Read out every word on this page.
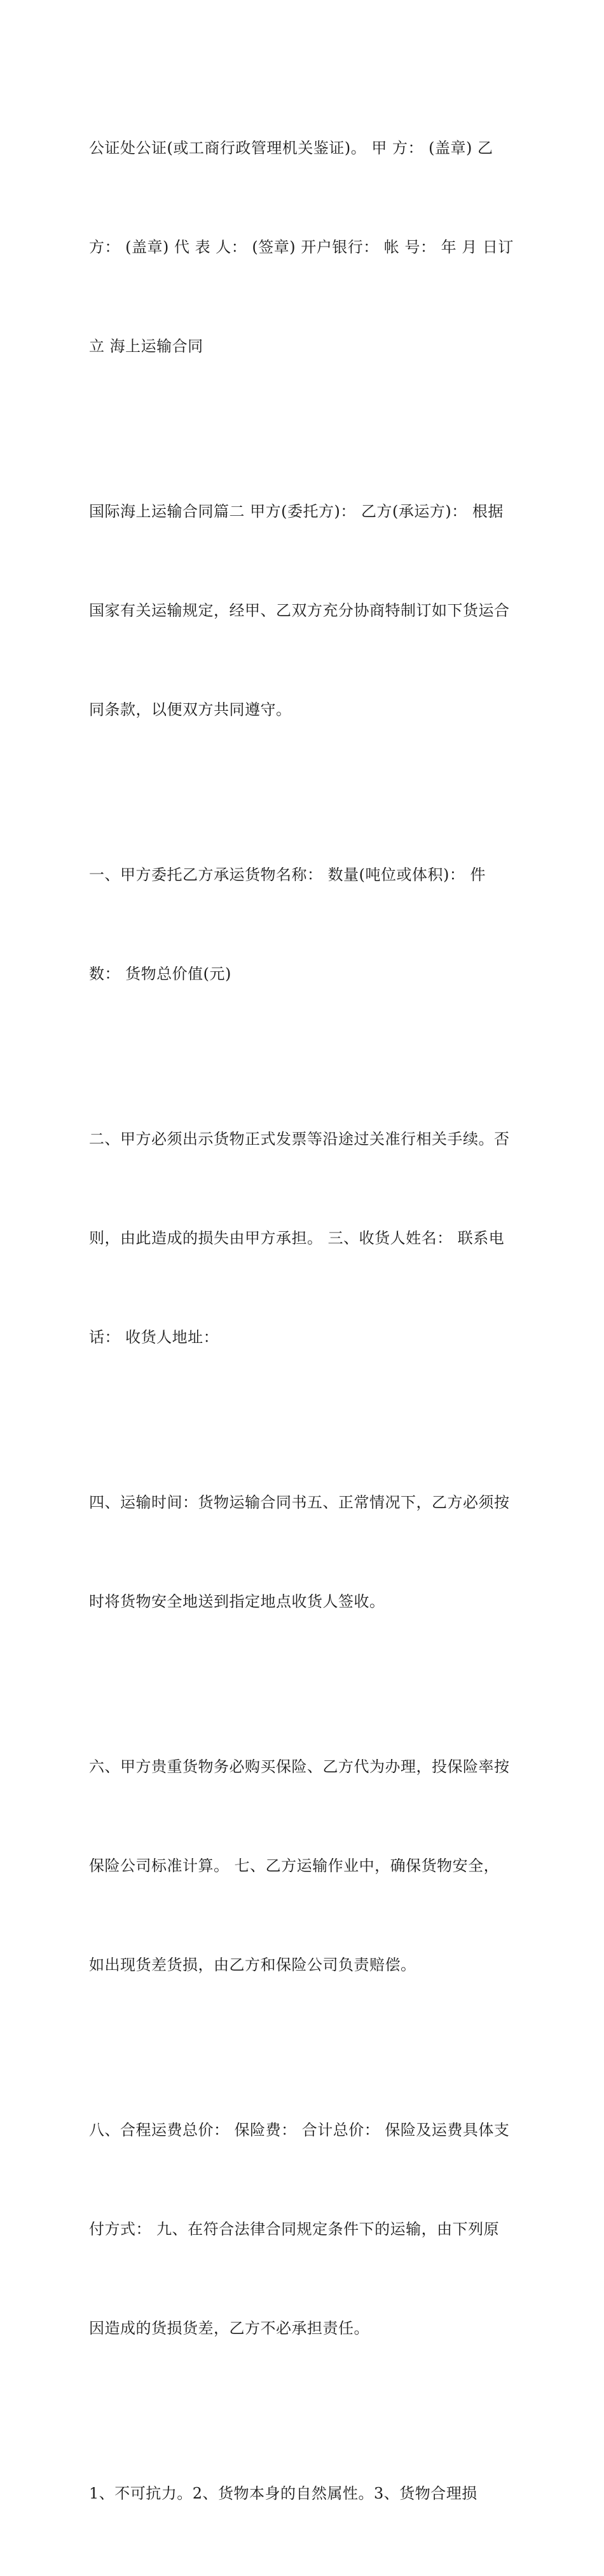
公证处公证(或工商行政管理机关鉴证)。 甲 方： (盖章) 乙

方： (盖章) 代 表 人： (签章) 开户银行： 帐 号： 年 月 日订

立 海上运输合同

国际海上运输合同篇二 甲方(委托方)： 乙方(承运方)： 根据

国家有关运输规定，经甲、乙双方充分协商特制订如下货运合

同条款，以便双方共同遵守。

一、甲方委托乙方承运货物名称： 数量(吨位或体积)： 件

数： 货物总价值(元)

二、甲方必须出示货物正式发票等沿途过关准行相关手续。否

则，由此造成的损失由甲方承担。 三、收货人姓名： 联系电

话： 收货人地址：

四、运输时间：货物运输合同书五、正常情况下，乙方必须按

时将货物安全地送到指定地点收货人签收。

六、甲方贵重货物务必购买保险、乙方代为办理，投保险率按

保险公司标准计算。 七、乙方运输作业中，确保货物安全，

如出现货差货损，由乙方和保险公司负责赔偿。

八、合程运费总价： 保险费： 合计总价： 保险及运费具体支

付方式： 九、在符合法律合同规定条件下的运输，由下列原

因造成的货损货差，乙方不必承担责任。

1、不可抗力。2、货物本身的自然属性。3、货物合理损
